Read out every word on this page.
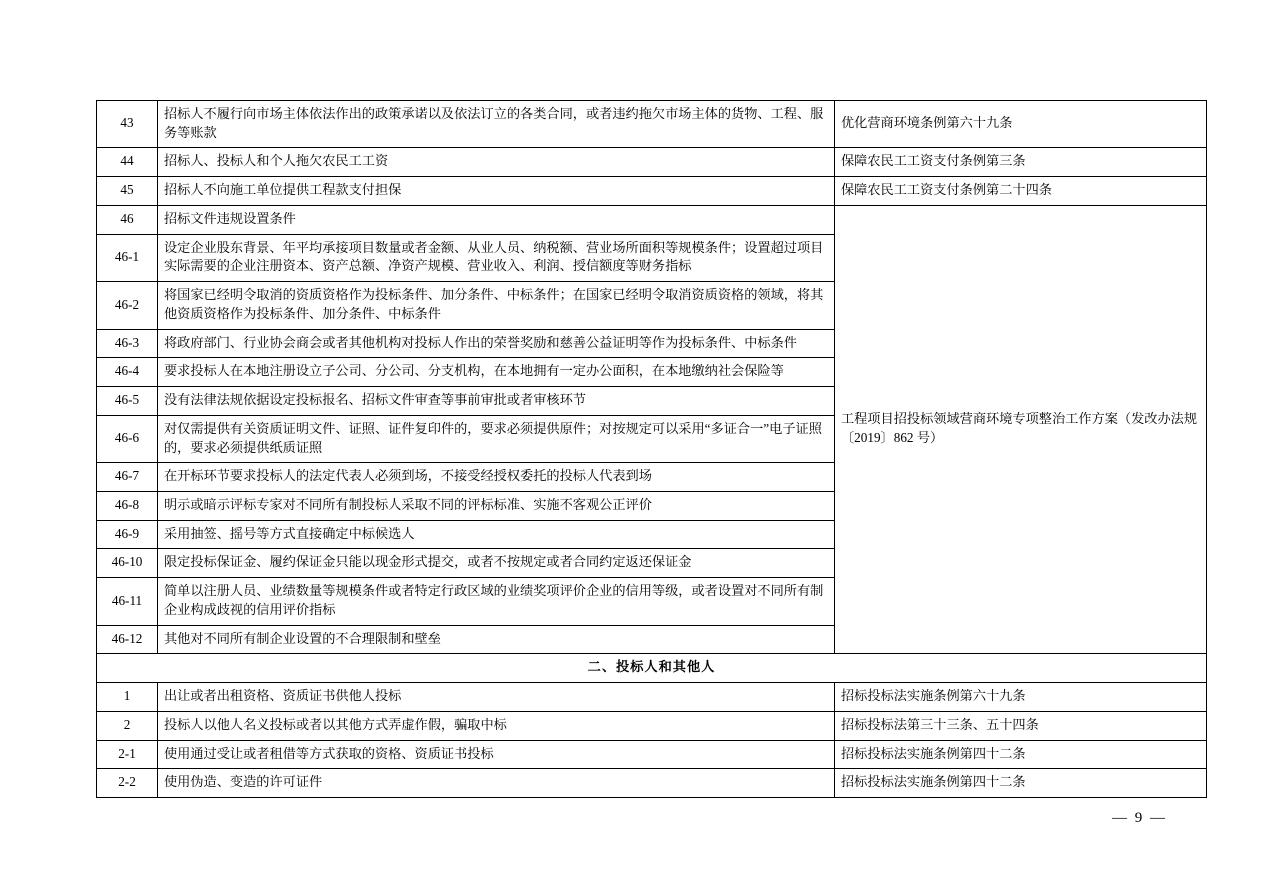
43	招标人不履行向市场主体依法作出的政策承诺以及依法订立的各类合同，或者违约拖欠市场主体的货物、工程、服务等账款	优化营商环境条例第六十九条
44	招标人、投标人和个人拖欠农民工工资	保障农民工工资支付条例第三条
45	招标人不向施工单位提供工程款支付担保	保障农民工工资支付条例第二十四条
46	招标文件违规设置条件	工程项目招投标领域营商环境专项整治工作方案（发改办法规〔2019〕862 号）
46-1	设定企业股东背景、年平均承接项目数量或者金额、从业人员、纳税额、营业场所面积等规模条件；设置超过项目实际需要的企业注册资本、资产总额、净资产规模、营业收入、利润、授信额度等财务指标	
46-2	将国家已经明令取消的资质资格作为投标条件、加分条件、中标条件；在国家已经明令取消资质资格的领域，将其他资质资格作为投标条件、加分条件、中标条件	
46-3	将政府部门、行业协会商会或者其他机构对投标人作出的荣誉奖励和慈善公益证明等作为投标条件、中标条件	
46-4	要求投标人在本地注册设立子公司、分公司、分支机构，在本地拥有一定办公面积，在本地缴纳社会保险等	
46-5	没有法律法规依据设定投标报名、招标文件审查等事前审批或者审核环节	
46-6	对仅需提供有关资质证明文件、证照、证件复印件的，要求必须提供原件；对按规定可以采用“多证合一”电子证照的，要求必须提供纸质证照	
46-7	在开标环节要求投标人的法定代表人必须到场，不接受经授权委托的投标人代表到场	
46-8	明示或暗示评标专家对不同所有制投标人采取不同的评标标准、实施不客观公正评价	
46-9	采用抽签、摇号等方式直接确定中标候选人	
46-10	限定投标保证金、履约保证金只能以现金形式提交，或者不按规定或者合同约定返还保证金	
46-11	简单以注册人员、业绩数量等规模条件或者特定行政区域的业绩奖项评价企业的信用等级，或者设置对不同所有制企业构成歧视的信用评价指标	
46-12	其他对不同所有制企业设置的不合理限制和壁垒	
二、投标人和其他人		
1	出让或者出租资格、资质证书供他人投标	招标投标法实施条例第六十九条
2	投标人以他人名义投标或者以其他方式弄虚作假，骗取中标	招标投标法第三十三条、五十四条
2-1	使用通过受让或者租借等方式获取的资格、资质证书投标	招标投标法实施条例第四十二条
2-2	使用伪造、变造的许可证件	招标投标法实施条例第四十二条
— 9 —
